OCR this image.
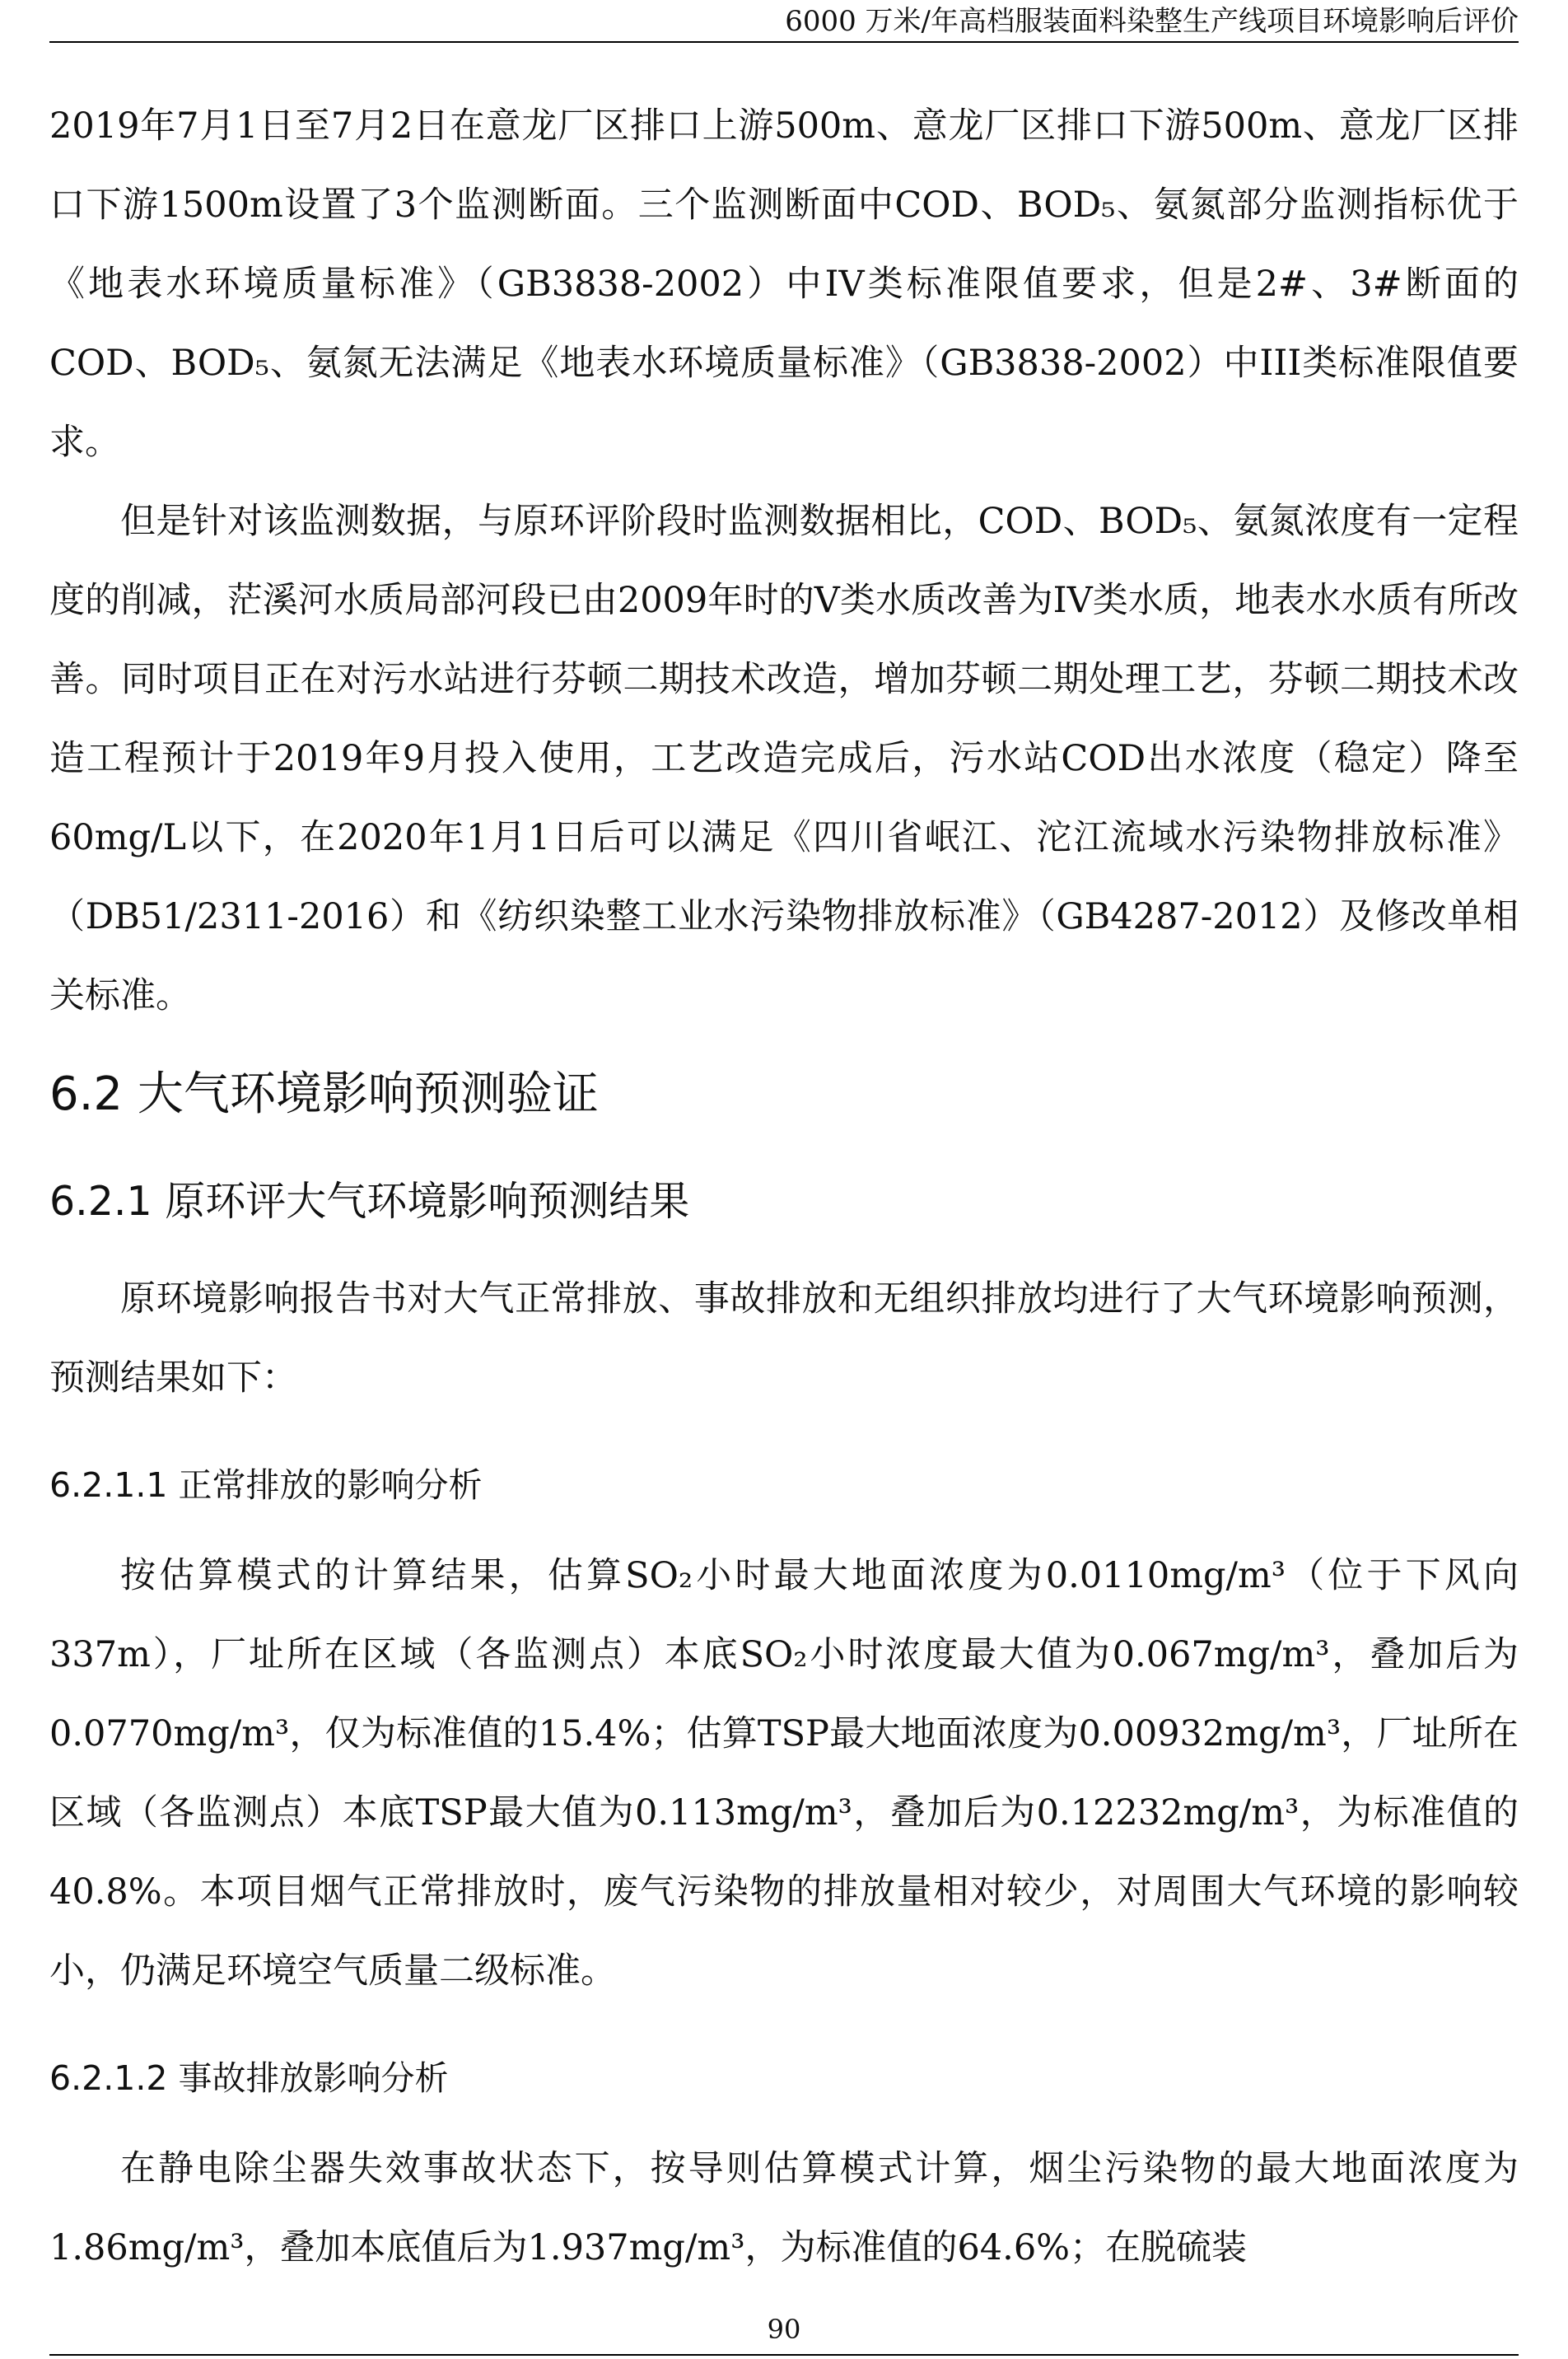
6000 万米/年高档服装面料染整生产线项目环境影响后评价

2019年7月1日至7月2日在意龙厂区排口上游500m、意龙厂区排口下游500m、意龙厂区排口下游1500m设置了3个监测断面。三个监测断面中COD、BOD₅、氨氮部分监测指标优于《地表水环境质量标准》（GB3838-2002）中IV类标准限值要求，但是2#、3#断面的COD、BOD₅、氨氮无法满足《地表水环境质量标准》（GB3838-2002）中III类标准限值要求。

但是针对该监测数据，与原环评阶段时监测数据相比，COD、BOD₅、氨氮浓度有一定程度的削减，茫溪河水质局部河段已由2009年时的V类水质改善为IV类水质，地表水水质有所改善。同时项目正在对污水站进行芬顿二期技术改造，增加芬顿二期处理工艺，芬顿二期技术改造工程预计于2019年9月投入使用，工艺改造完成后，污水站COD出水浓度（稳定）降至60mg/L以下，在2020年1月1日后可以满足《四川省岷江、沱江流域水污染物排放标准》（DB51/2311-2016）和《纺织染整工业水污染物排放标准》（GB4287-2012）及修改单相关标准。

6.2 大气环境影响预测验证
6.2.1 原环评大气环境影响预测结果

原环境影响报告书对大气正常排放、事故排放和无组织排放均进行了大气环境影响预测，预测结果如下：

6.2.1.1 正常排放的影响分析

按估算模式的计算结果，估算SO₂小时最大地面浓度为0.0110mg/m³（位于下风向337m），厂址所在区域（各监测点）本底SO₂小时浓度最大值为0.067mg/m³，叠加后为0.0770mg/m³，仅为标准值的15.4%；估算TSP最大地面浓度为0.00932mg/m³，厂址所在区域（各监测点）本底TSP最大值为0.113mg/m³，叠加后为0.12232mg/m³，为标准值的40.8%。本项目烟气正常排放时，废气污染物的排放量相对较少，对周围大气环境的影响较小，仍满足环境空气质量二级标准。

6.2.1.2 事故排放影响分析

在静电除尘器失效事故状态下，按导则估算模式计算，烟尘污染物的最大地面浓度为1.86mg/m³，叠加本底值后为1.937mg/m³，为标准值的64.6%；在脱硫装

90
